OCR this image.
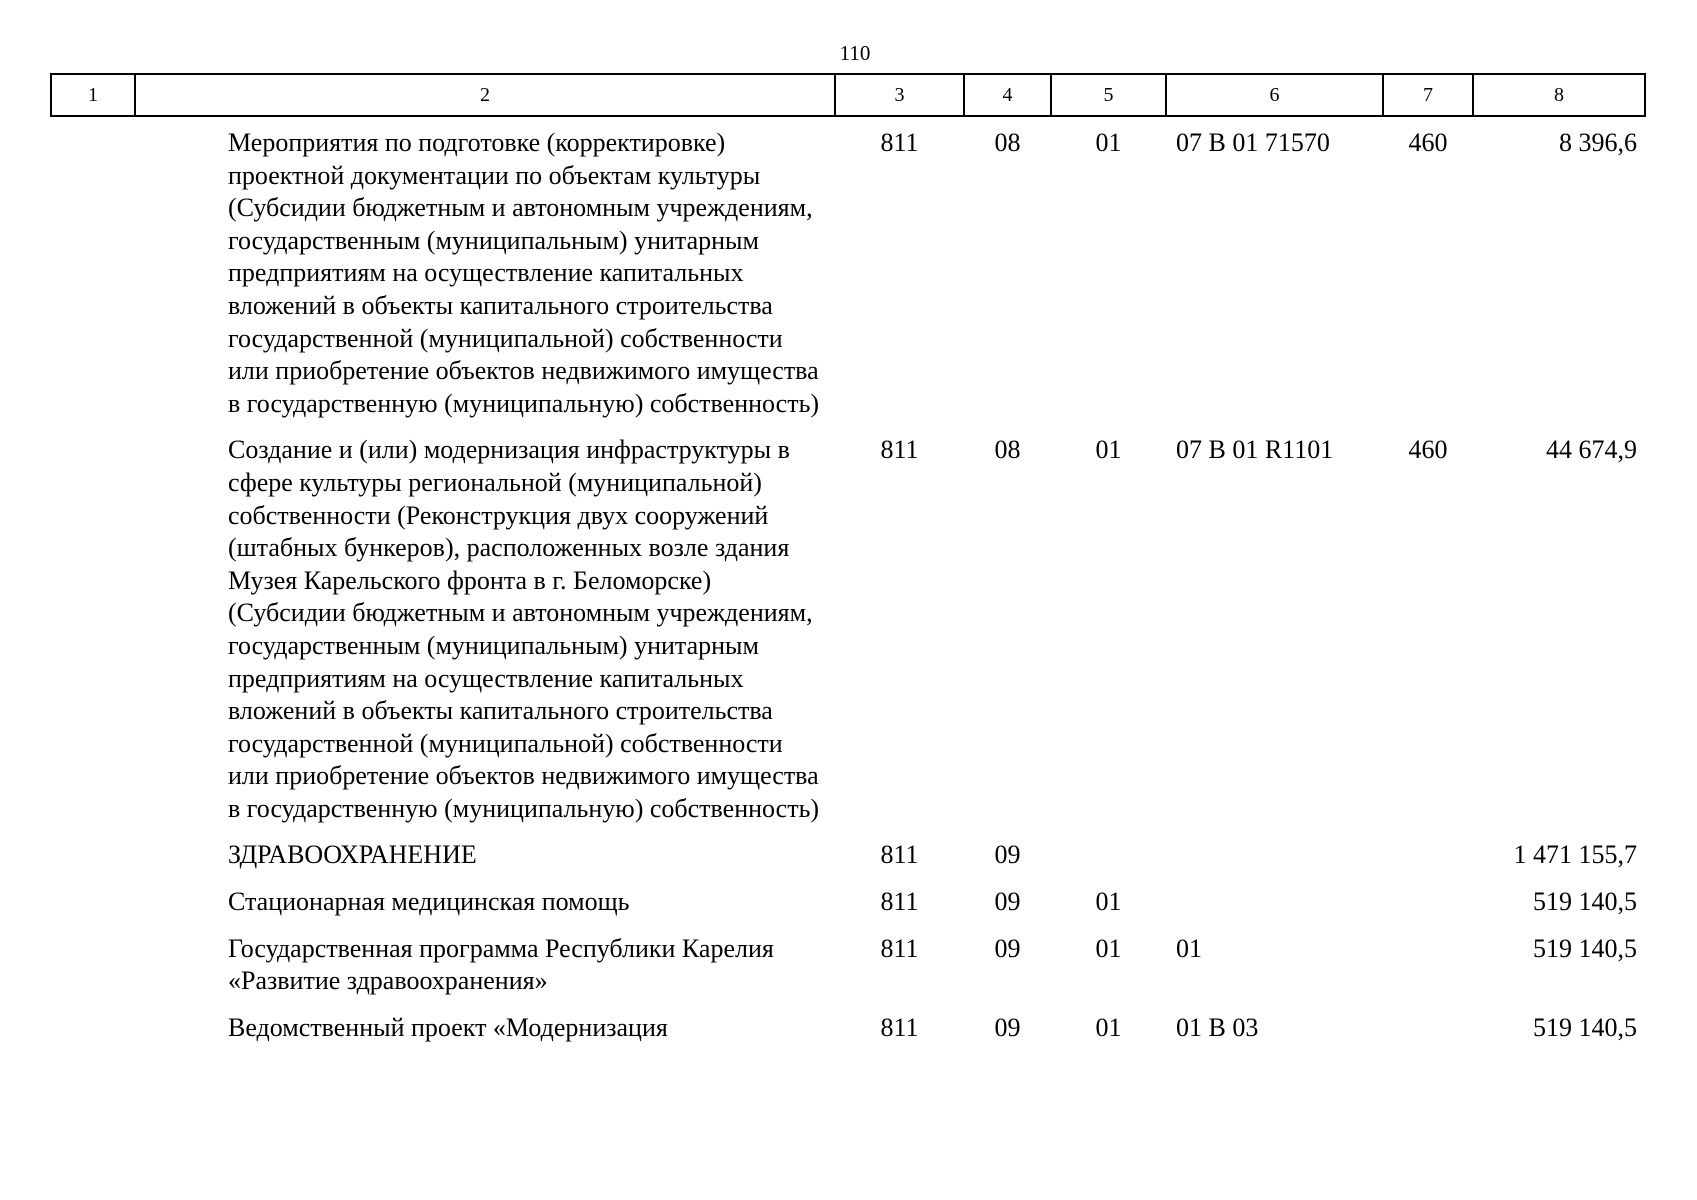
110
1	2	3	4	5	6	7	8
	Мероприятия по подготовке (корректировке) проектной документации по объектам культуры (Субсидии бюджетным и автономным учреждениям, государственным (муниципальным) унитарным предприятиям на осуществление капитальных вложений в объекты капитального строительства государственной (муниципальной) собственности или приобретение объектов недвижимого имущества в государственную (муниципальную) собственность)	811	08	01	07 В 01 71570	460	8 396,6
	Создание и (или) модернизация инфраструктуры в сфере культуры региональной (муниципальной) собственности (Реконструкция двух сооружений (штабных бункеров), расположенных возле здания Музея Карельского фронта в г. Беломорске) (Субсидии бюджетным и автономным учреждениям, государственным (муниципальным) унитарным предприятиям на осуществление капитальных вложений в объекты капитального строительства государственной (муниципальной) собственности или приобретение объектов недвижимого имущества в государственную (муниципальную) собственность)	811	08	01	07 В 01 R1101	460	44 674,9
	ЗДРАВООХРАНЕНИЕ	811	09				1 471 155,7
	Стационарная медицинская помощь	811	09	01			519 140,5
	Государственная программа Республики Карелия «Развитие здравоохранения»	811	09	01	01		519 140,5
	Ведомственный проект «Модернизация	811	09	01	01 В 03		519 140,5
